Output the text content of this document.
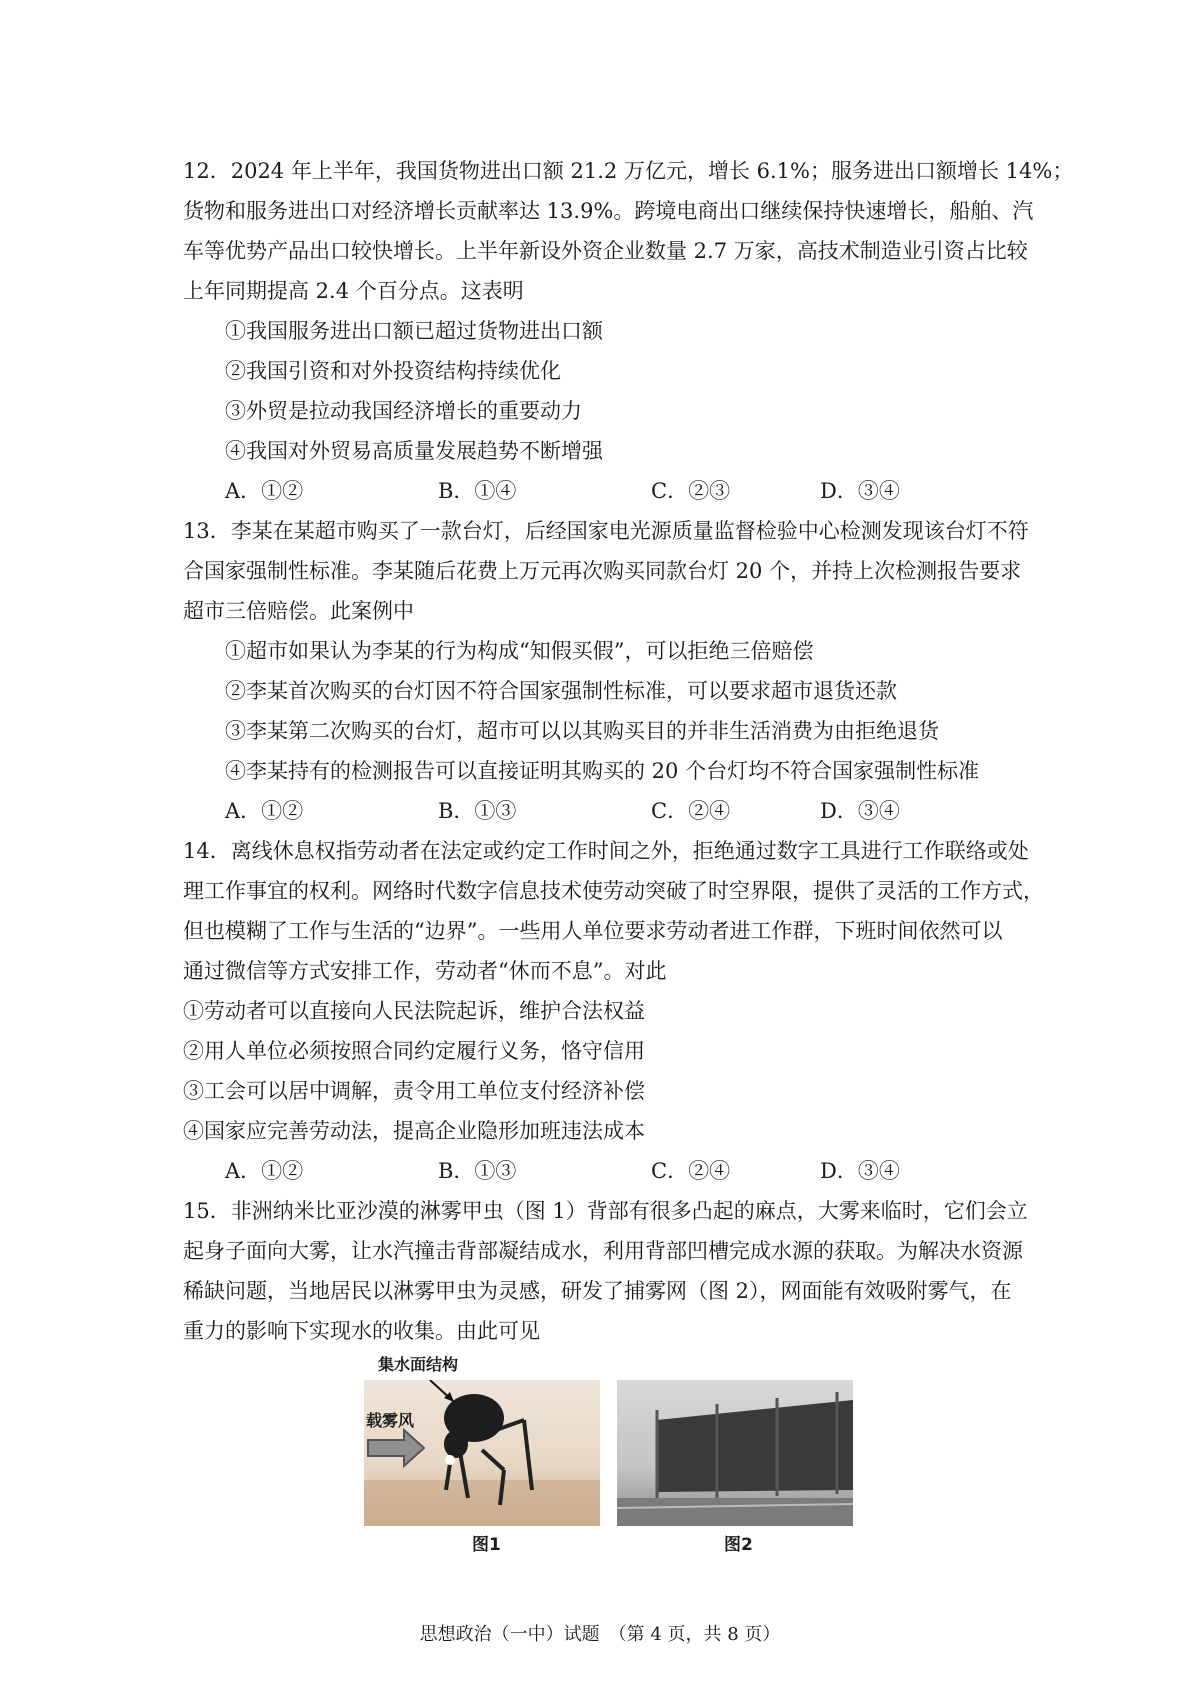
12．2024 年上半年，我国货物进出口额 21.2 万亿元，增长 6.1%；服务进出口额增长 14%；
货物和服务进出口对经济增长贡献率达 13.9%。跨境电商出口继续保持快速增长，船舶、汽
车等优势产品出口较快增长。上半年新设外资企业数量 2.7 万家，高技术制造业引资占比较
上年同期提高 2.4 个百分点。这表明
①我国服务进出口额已超过货物进出口额
②我国引资和对外投资结构持续优化
③外贸是拉动我国经济增长的重要动力
④我国对外贸易高质量发展趋势不断增强
A．①②	B．①④	C．②③	D．③④
13．李某在某超市购买了一款台灯，后经国家电光源质量监督检验中心检测发现该台灯不符
合国家强制性标准。李某随后花费上万元再次购买同款台灯 20 个，并持上次检测报告要求
超市三倍赔偿。此案例中
①超市如果认为李某的行为构成“知假买假”，可以拒绝三倍赔偿
②李某首次购买的台灯因不符合国家强制性标准，可以要求超市退货还款
③李某第二次购买的台灯，超市可以以其购买目的并非生活消费为由拒绝退货
④李某持有的检测报告可以直接证明其购买的 20 个台灯均不符合国家强制性标准
A．①②	B．①③	C．②④	D．③④
14．离线休息权指劳动者在法定或约定工作时间之外，拒绝通过数字工具进行工作联络或处
理工作事宜的权利。网络时代数字信息技术使劳动突破了时空界限，提供了灵活的工作方式，
但也模糊了工作与生活的“边界”。一些用人单位要求劳动者进工作群，下班时间依然可以
通过微信等方式安排工作，劳动者“休而不息”。对此
①劳动者可以直接向人民法院起诉，维护合法权益
②用人单位必须按照合同约定履行义务，恪守信用
③工会可以居中调解，责令用工单位支付经济补偿
④国家应完善劳动法，提高企业隐形加班违法成本
A．①②	B．①③	C．②④	D．③④
15．非洲纳米比亚沙漠的淋雾甲虫（图 1）背部有很多凸起的麻点，大雾来临时，它们会立
起身子面向大雾，让水汽撞击背部凝结成水，利用背部凹槽完成水源的获取。为解决水资源
稀缺问题，当地居民以淋雾甲虫为灵感，研发了捕雾网（图 2），网面能有效吸附雾气，在
重力的影响下实现水的收集。由此可见
集水面结构
载雾风
图1	图2
思想政治（一中）试题　（第 4 页，共 8 页）
